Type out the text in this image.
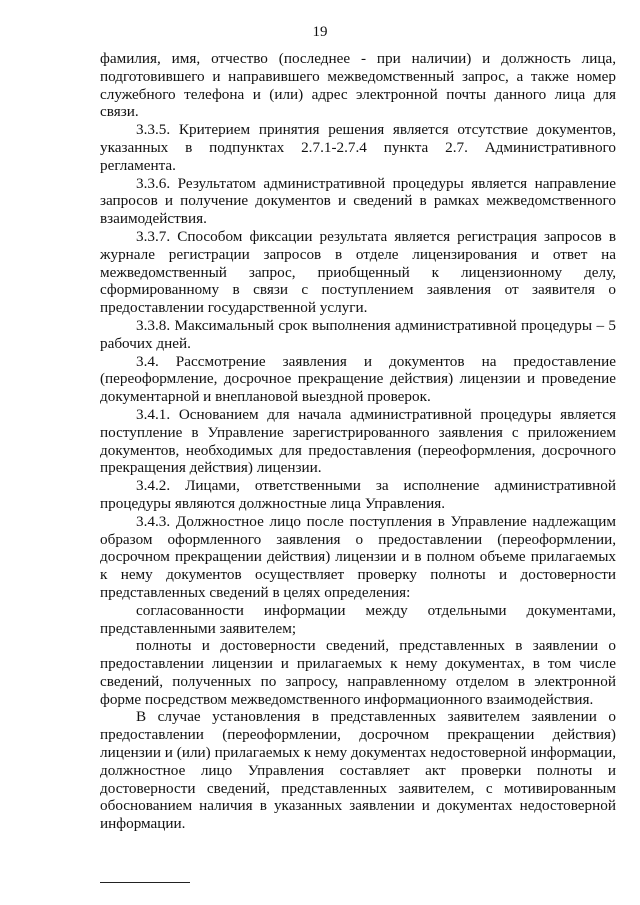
19

фамилия, имя, отчество (последнее - при наличии) и должность лица, подготовившего и направившего межведомственный запрос, а также номер служебного телефона и (или) адрес электронной почты данного лица для связи.

3.3.5. Критерием принятия решения является отсутствие документов, указанных в подпунктах 2.7.1-2.7.4 пункта 2.7. Административного регламента.

3.3.6. Результатом административной процедуры является направление запросов и получение документов и сведений в рамках межведомственного взаимодействия.

3.3.7. Способом фиксации результата является регистрация запросов в журнале регистрации запросов в отделе лицензирования и ответ на межведомственный запрос, приобщенный к лицензионному делу, сформированному в связи с поступлением заявления от заявителя о предоставлении государственной услуги.

3.3.8. Максимальный срок выполнения административной процедуры – 5 рабочих дней.

3.4. Рассмотрение заявления и документов на предоставление (переоформление, досрочное прекращение действия) лицензии и проведение документарной и внеплановой выездной проверок.

3.4.1. Основанием для начала административной процедуры является поступление в Управление зарегистрированного заявления с приложением документов, необходимых для предоставления (переоформления, досрочного прекращения действия) лицензии.

3.4.2. Лицами, ответственными за исполнение административной процедуры являются должностные лица Управления.

3.4.3. Должностное лицо после поступления в Управление надлежащим образом оформленного заявления о предоставлении (переоформлении, досрочном прекращении действия) лицензии и в полном объеме прилагаемых к нему документов осуществляет проверку полноты и достоверности представленных сведений в целях определения:

согласованности информации между отдельными документами, представленными заявителем;

полноты и достоверности сведений, представленных в заявлении о предоставлении лицензии и прилагаемых к нему документах, в том числе сведений, полученных по запросу, направленному отделом в электронной форме посредством межведомственного информационного взаимодействия.

В случае установления в представленных заявителем заявлении о предоставлении (переоформлении, досрочном прекращении действия) лицензии и (или) прилагаемых к нему документах недостоверной информации, должностное лицо Управления составляет акт проверки полноты и достоверности сведений, представленных заявителем, с мотивированным обоснованием наличия в указанных заявлении и документах недостоверной информации.
